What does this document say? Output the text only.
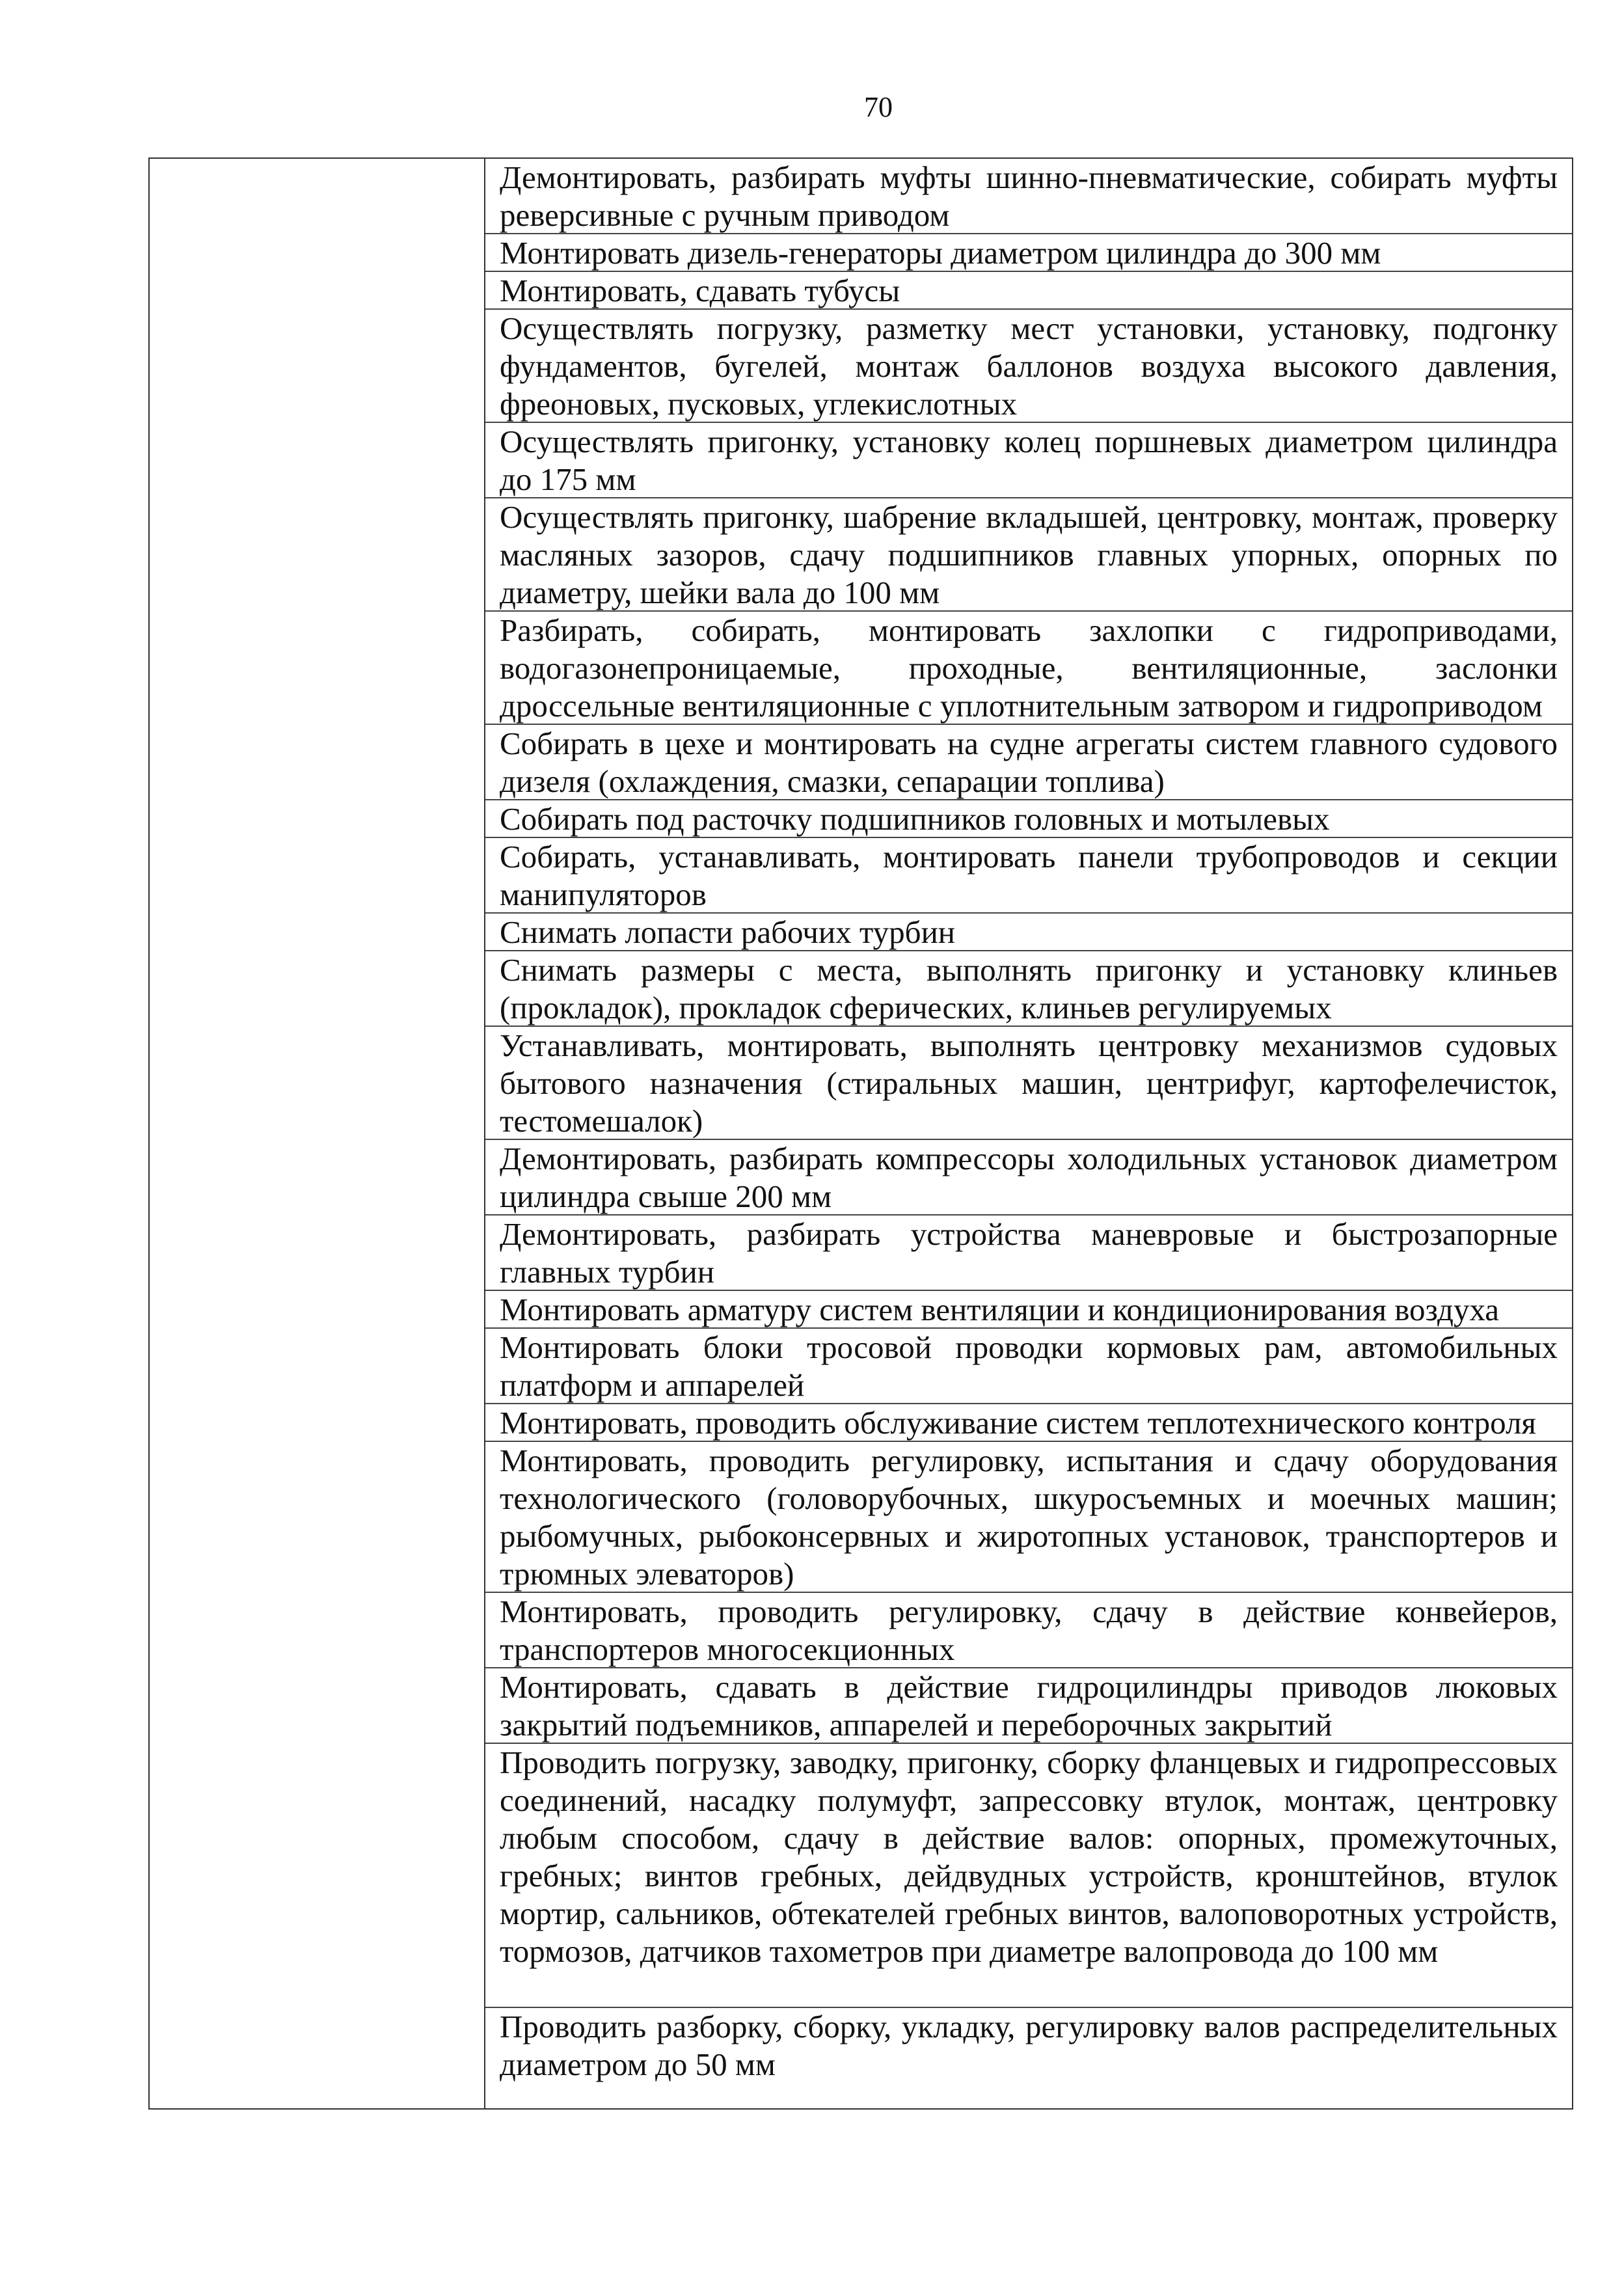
70
Демонтировать, разбирать муфты шинно-пневматические, собирать муфты реверсивные с ручным приводом
Монтировать дизель-генераторы диаметром цилиндра до 300 мм
Монтировать, сдавать тубусы
Осуществлять погрузку, разметку мест установки, установку, подгонку фундаментов, бугелей, монтаж баллонов воздуха высокого давления, фреоновых, пусковых, углекислотных
Осуществлять пригонку, установку колец поршневых диаметром цилиндра до 175 мм
Осуществлять пригонку, шабрение вкладышей, центровку, монтаж, проверку масляных зазоров, сдачу подшипников главных упорных, опорных по диаметру, шейки вала до 100 мм
Разбирать, собирать, монтировать захлопки с гидроприводами, водогазонепроницаемые, проходные, вентиляционные, заслонки дроссельные вентиляционные с уплотнительным затвором и гидроприводом
Собирать в цехе и монтировать на судне агрегаты систем главного судового дизеля (охлаждения, смазки, сепарации топлива)
Собирать под расточку подшипников головных и мотылевых
Собирать, устанавливать, монтировать панели трубопроводов и секции манипуляторов
Снимать лопасти рабочих турбин
Снимать размеры с места, выполнять пригонку и установку клиньев (прокладок), прокладок сферических, клиньев регулируемых
Устанавливать, монтировать, выполнять центровку механизмов судовых бытового назначения (стиральных машин, центрифуг, картофелечисток, тестомешалок)
Демонтировать, разбирать компрессоры холодильных установок диаметром цилиндра свыше 200 мм
Демонтировать, разбирать устройства маневровые и быстрозапорные главных турбин
Монтировать арматуру систем вентиляции и кондиционирования воздуха
Монтировать блоки тросовой проводки кормовых рам, автомобильных платформ и аппарелей
Монтировать, проводить обслуживание систем теплотехнического контроля
Монтировать, проводить регулировку, испытания и сдачу оборудования технологического (головорубочных, шкуросъемных и моечных машин; рыбомучных, рыбоконсервных и жиротопных установок, транспортеров и трюмных элеваторов)
Монтировать, проводить регулировку, сдачу в действие конвейеров, транспортеров многосекционных
Монтировать, сдавать в действие гидроцилиндры приводов люковых закрытий подъемников, аппарелей и переборочных закрытий
Проводить погрузку, заводку, пригонку, сборку фланцевых и гидропрессовых соединений, насадку полумуфт, запрессовку втулок, монтаж, центровку любым способом, сдачу в действие валов: опорных, промежуточных, гребных; винтов гребных, дейдвудных устройств, кронштейнов, втулок мортир, сальников, обтекателей гребных винтов, валоповоротных устройств, тормозов, датчиков тахометров при диаметре валопровода до 100 мм
Проводить разборку, сборку, укладку, регулировку валов распределительных диаметром до 50 мм
